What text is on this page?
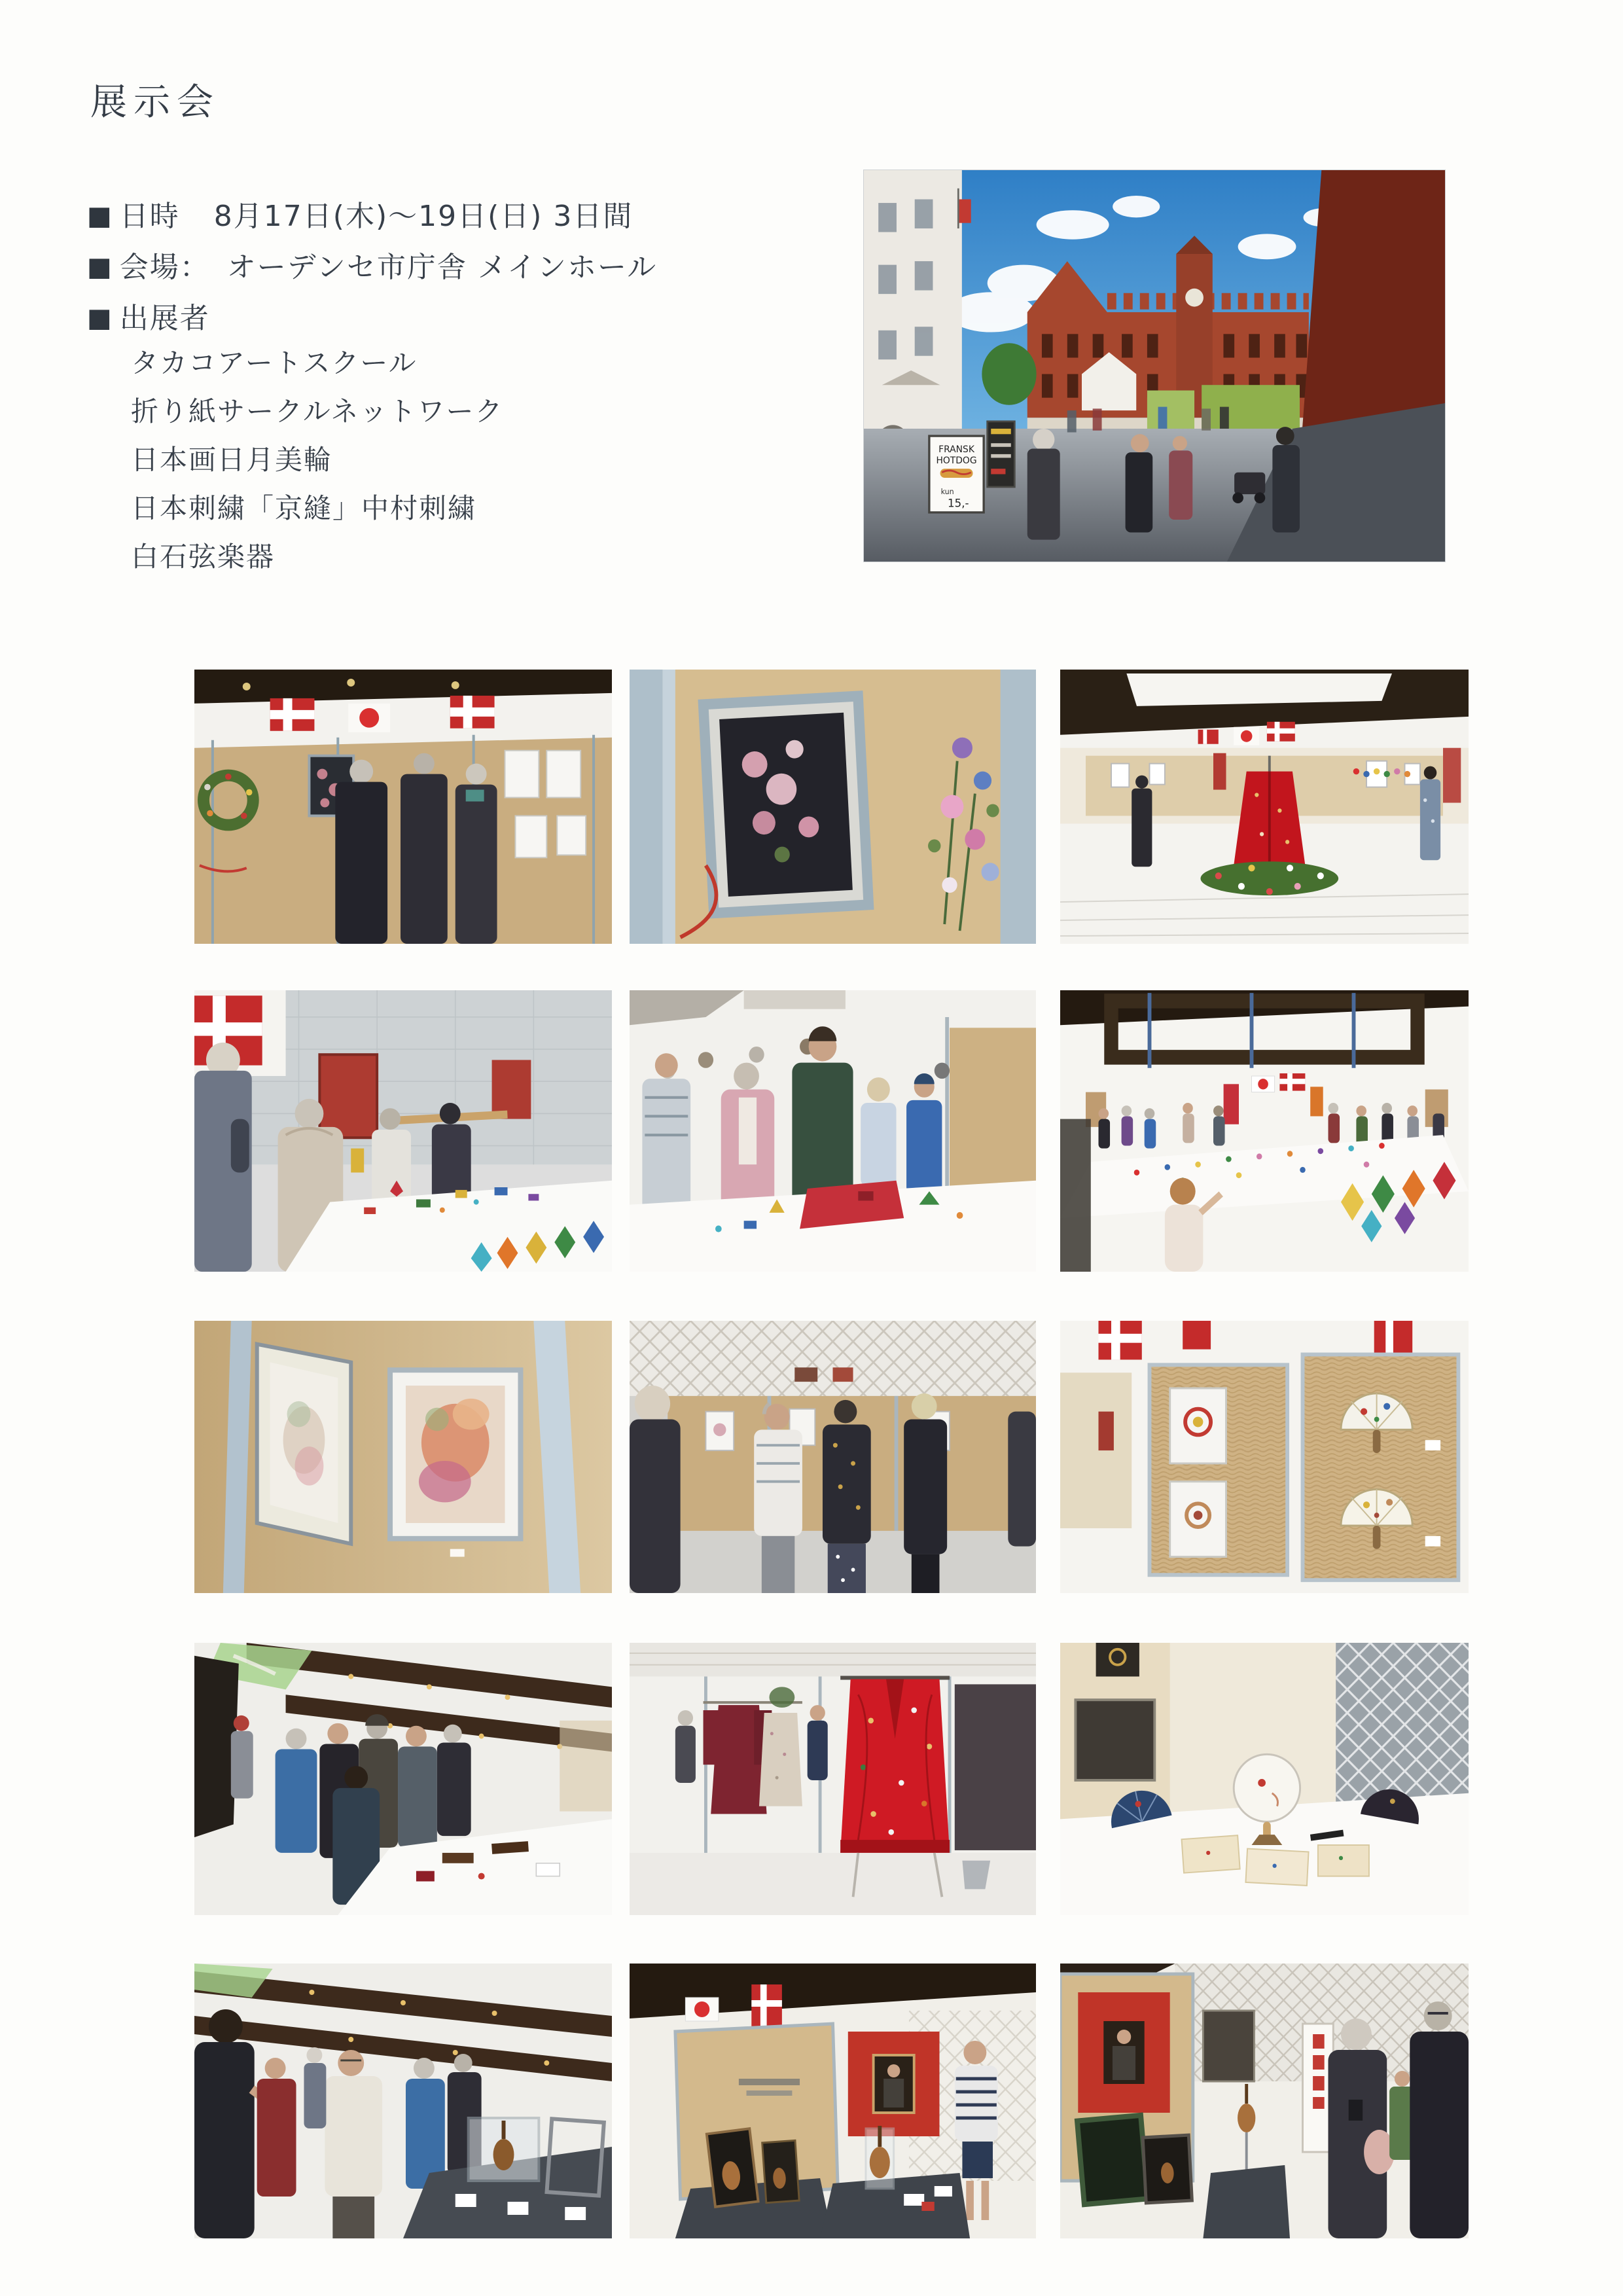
展示会
■ 日時 8月17日(木)～19日(日) 3日間
■ 会場： オーデンセ市庁舎 メインホール
■ 出展者
タカコアートスクール
折り紙サークルネットワーク
日本画日月美輪
日本刺繍「京縫」中村刺繍
白石弦楽器
FRANSK
HOTDOG
kun
15,-
